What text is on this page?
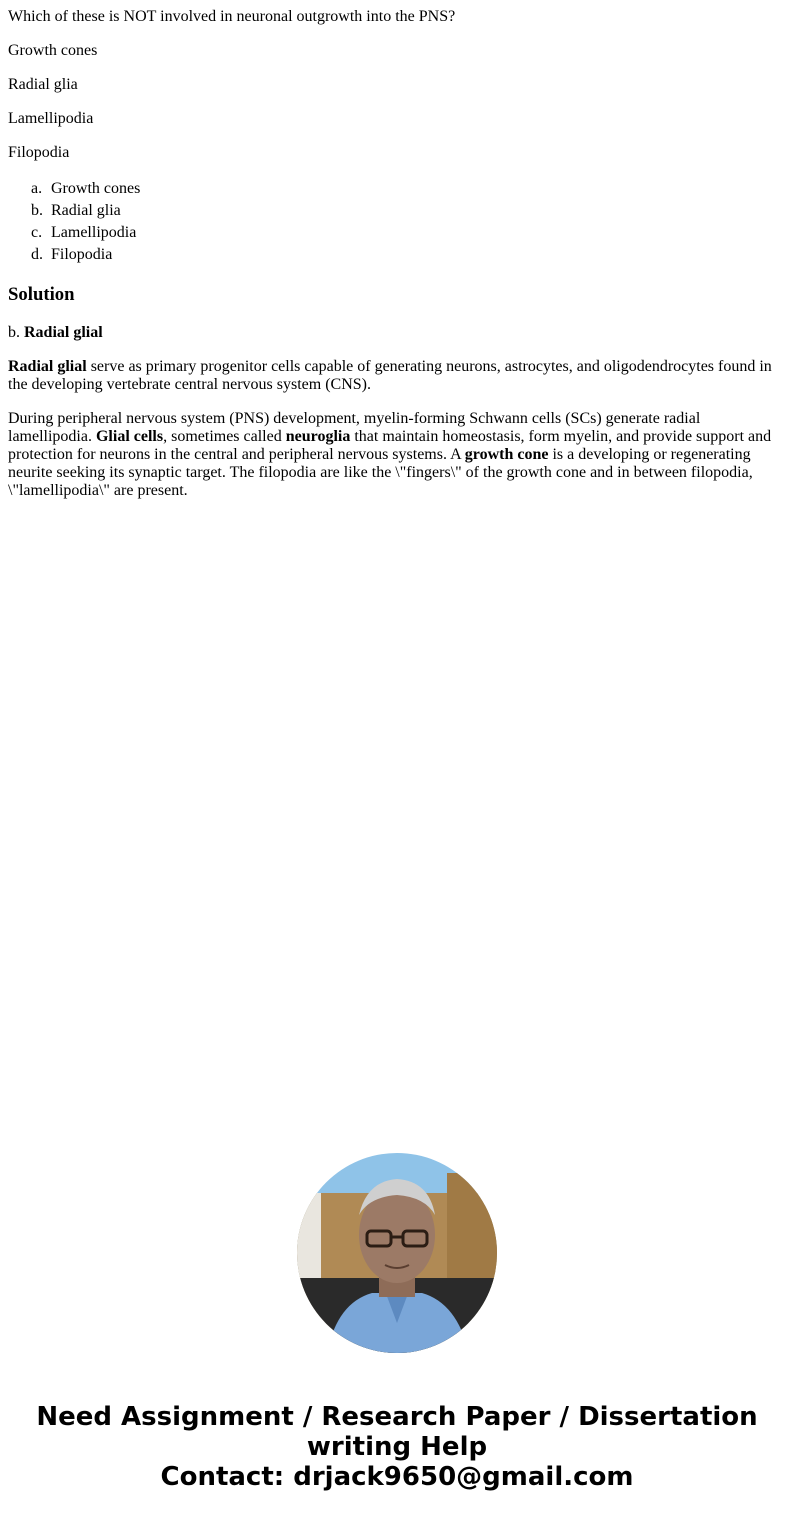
Which of these is NOT involved in neuronal outgrowth into the PNS?

Growth cones

Radial glia

Lamellipodia

Filopodia

a. Growth cones
b. Radial glia
c. Lamellipodia
d. Filopodia
Solution

b. Radial glial

Radial glial serve as primary progenitor cells capable of generating neurons, astrocytes, and oligodendrocytes found in the developing vertebrate central nervous system (CNS).

During peripheral nervous system (PNS) development, myelin-forming Schwann cells (SCs) generate radial lamellipodia. Glial cells, sometimes called neuroglia that maintain homeostasis, form myelin, and provide support and protection for neurons in the central and peripheral nervous systems. A growth cone is a developing or regenerating neurite seeking its synaptic target. The filopodia are like the \"fingers\" of the growth cone and in between filopodia, \"lamellipodia\" are present.

Need Assignment / Research Paper / Dissertation
writing Help
Contact: drjack9650@gmail.com
